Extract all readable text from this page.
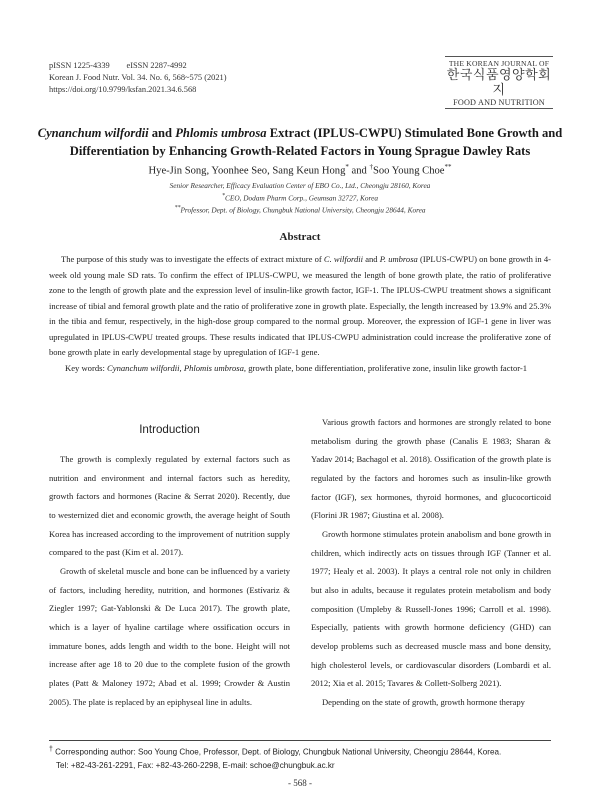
pISSN 1225-4339　　eISSN 2287-4992
Korean J. Food Nutr. Vol. 34. No. 6, 568~575 (2021)
https://doi.org/10.9799/ksfan.2021.34.6.568
THE KOREAN JOURNAL OF
한국식품영양학회지
FOOD AND NUTRITION
Cynanchum wilfordii and Phlomis umbrosa Extract (IPLUS-CWPU) Stimulated Bone Growth and Differentiation by Enhancing Growth-Related Factors in Young Sprague Dawley Rats
Hye-Jin Song, Yoonhee Seo, Sang Keun Hong* and †Soo Young Choe**
Senior Researcher, Efficacy Evaluation Center of EBO Co., Ltd., Cheongju 28160, Korea
*CEO, Dodam Pharm Corp., Geumsan 32727, Korea
**Professor, Dept. of Biology, Chungbuk National University, Cheongju 28644, Korea
Abstract

The purpose of this study was to investigate the effects of extract mixture of C. wilfordii and P. umbrosa (IPLUS-CWPU) on bone growth in 4-week old young male SD rats. To confirm the effect of IPLUS-CWPU, we measured the length of bone growth plate, the ratio of proliferative zone to the length of growth plate and the expression level of insulin-like growth factor, IGF-1. The IPLUS-CWPU treatment shows a significant increase of tibial and femoral growth plate and the ratio of proliferative zone in growth plate. Especially, the length increased by 13.9% and 25.3% in the tibia and femur, respectively, in the high-dose group compared to the normal group. Moreover, the expression of IGF-1 gene in liver was upregulated in IPLUS-CWPU treated groups. These results indicated that IPLUS-CWPU administration could increase the proliferative zone of bone growth plate in early developmental stage by upregulation of IGF-1 gene.

Key words: Cynanchum wilfordii, Phlomis umbrosa, growth plate, bone differentiation, proliferative zone, insulin like growth factor-1

Introduction

The growth is complexly regulated by external factors such as nutrition and environment and internal factors such as heredity, growth factors and hormones (Racine & Serrat 2020). Recently, due to westernized diet and economic growth, the average height of South Korea has increased according to the improvement of nutrition supply compared to the past (Kim et al. 2017).

Growth of skeletal muscle and bone can be influenced by a variety of factors, including heredity, nutrition, and hormones (Estívariz & Ziegler 1997; Gat-Yablonski & De Luca 2017). The growth plate, which is a layer of hyaline cartilage where ossification occurs in immature bones, adds length and width to the bone. Height will not increase after age 18 to 20 due to the complete fusion of the growth plates (Patt & Maloney 1972; Abad et al. 1999; Crowder & Austin 2005). The plate is replaced by an epiphyseal line in adults.

Various growth factors and hormones are strongly related to bone metabolism during the growth phase (Canalis E 1983; Sharan & Yadav 2014; Bachagol et al. 2018). Ossification of the growth plate is regulated by the factors and horomes such as insulin-like growth factor (IGF), sex hormones, thyroid hormones, and glucocorticoid (Florini JR 1987; Giustina et al. 2008).

Growth hormone stimulates protein anabolism and bone growth in children, which indirectly acts on tissues through IGF (Tanner et al. 1977; Healy et al. 2003). It plays a central role not only in children but also in adults, because it regulates protein metabolism and body composition (Umpleby & Russell-Jones 1996; Carroll et al. 1998). Especially, patients with growth hormone deficiency (GHD) can develop problems such as decreased muscle mass and bone density, high cholesterol levels, or cardiovascular disorders (Lombardi et al. 2012; Xia et al. 2015; Tavares & Collett-Solberg 2021).

Depending on the state of growth, growth hormone therapy

† Corresponding author: Soo Young Choe, Professor, Dept. of Biology, Chungbuk National University, Cheongju 28644, Korea.
Tel: +82-43-261-2291, Fax: +82-43-260-2298, E-mail: schoe@chungbuk.ac.kr
- 568 -
